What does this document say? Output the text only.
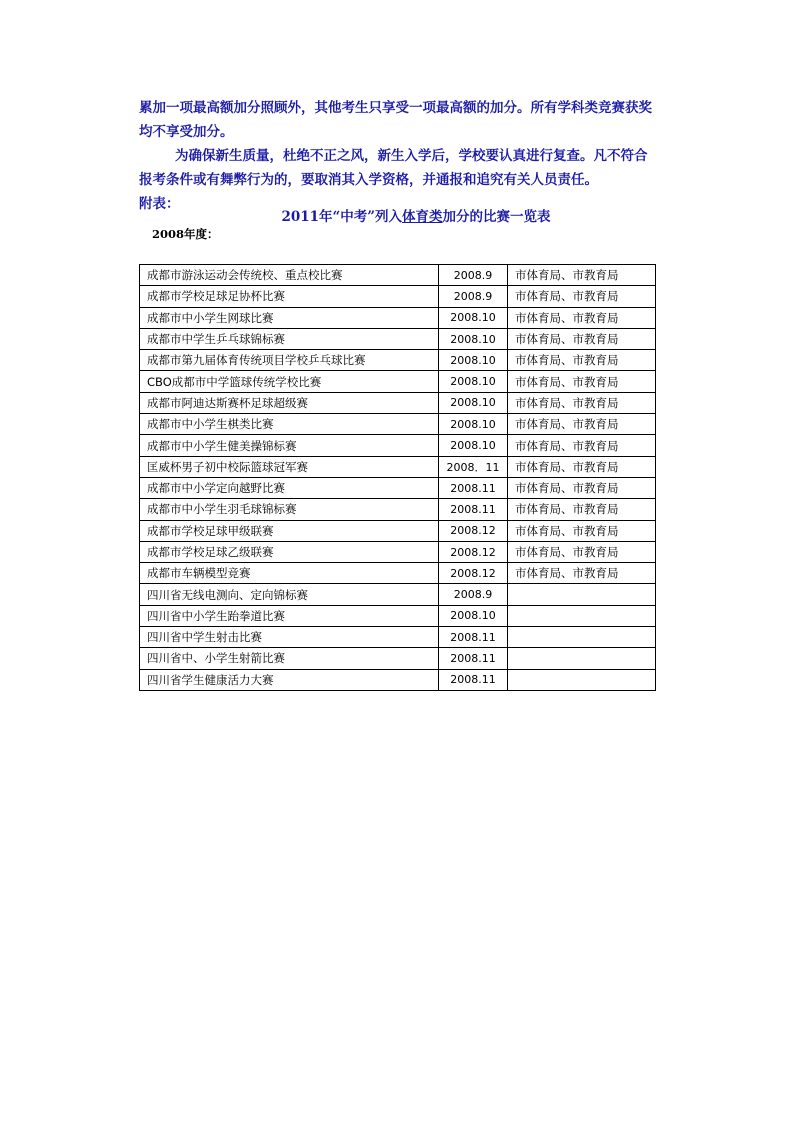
累加一项最高额加分照顾外，其他考生只享受一项最高额的加分。所有学科类竞赛获奖均不享受加分。

为确保新生质量，杜绝不正之风，新生入学后，学校要认真进行复查。凡不符合报考条件或有舞弊行为的，要取消其入学资格，并通报和追究有关人员责任。

附表：

2011年“中考”列入体育类加分的比赛一览表
2008年度：
成都市游泳运动会传统校、重点校比赛	2008.9	市体育局、市教育局
成都市学校足球足协杯比赛	2008.9	市体育局、市教育局
成都市中小学生网球比赛	2008.10	市体育局、市教育局
成都市中学生乒乓球锦标赛	2008.10	市体育局、市教育局
成都市第九届体育传统项目学校乒乓球比赛	2008.10	市体育局、市教育局
CBO成都市中学篮球传统学校比赛	2008.10	市体育局、市教育局
成都市阿迪达斯赛杯足球超级赛	2008.10	市体育局、市教育局
成都市中小学生棋类比赛	2008.10	市体育局、市教育局
成都市中小学生健美操锦标赛	2008.10	市体育局、市教育局
匡威杯男子初中校际篮球冠军赛	2008．11	市体育局、市教育局
成都市中小学定向越野比赛	2008.11	市体育局、市教育局
成都市中小学生羽毛球锦标赛	2008.11	市体育局、市教育局
成都市学校足球甲级联赛	2008.12	市体育局、市教育局
成都市学校足球乙级联赛	2008.12	市体育局、市教育局
成都市车辆模型竞赛	2008.12	市体育局、市教育局
四川省无线电测向、定向锦标赛	2008.9	
四川省中小学生跆拳道比赛	2008.10	
四川省中学生射击比赛	2008.11	
四川省中、小学生射箭比赛	2008.11	
四川省学生健康活力大赛	2008.11	
